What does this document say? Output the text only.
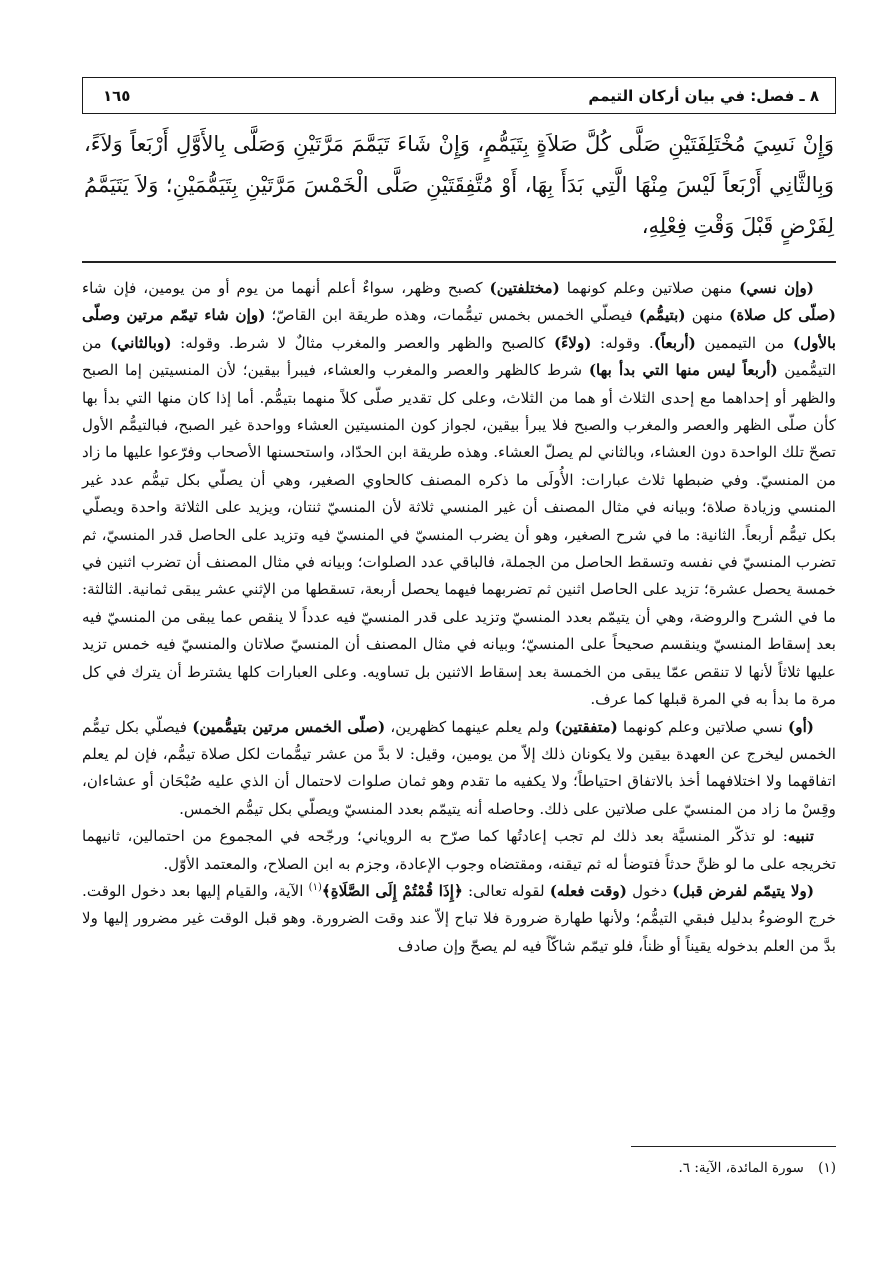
٨ ـ فصل: في بيان أركان التيمم
١٦٥
وَإِنْ نَسِيَ مُخْتَلِفَتَيْنِ صَلَّى كُلَّ صَلاَةٍ بِتَيَمُّمٍ، وَإِنْ شَاءَ تَيَمَّمَ مَرَّتَيْنِ وَصَلَّى بِالأَوَّلِ أَرْبَعاً وَلاَءً، وَبِالثَّانِي أَرْبَعاً لَيْسَ مِنْهَا الَّتِي بَدَأَ بِهَا، أَوْ مُتَّفِقَتَيْنِ صَلَّى الْخَمْسَ مَرَّتَيْنِ بِتَيَمُّمَيْنِ؛ وَلاَ يَتَيَمَّمُ لِفَرْضٍ قَبْلَ وَقْتِ فِعْلِهِ،

(وإن نسي) منهن صلاتين وعلم كونهما (مختلفتين) كصبح وظهر، سواءٌ أعلم أنهما من يوم أو من يومين، فإن شاء (صلّى كل صلاة) منهن (بتيمُّم) فيصلّي الخمس بخمس تيمُّمات، وهذه طريقة ابن القاصّ؛ (وإن شاء تيمّم مرتين وصلّى بالأول) من التيممين (أربعاً). وقوله: (ولاءً) كالصبح والظهر والعصر والمغرب مثالٌ لا شرط. وقوله: (وبالثاني) من التيمُّمين (أربعاً ليس منها التي بدأ بها) شرط كالظهر والعصر والمغرب والعشاء، فيبرأ بيقين؛ لأن المنسيتين إما الصبح والظهر أو إحداهما مع إحدى الثلاث أو هما من الثلاث، وعلى كل تقدير صلّى كلاً منهما بتيمُّم. أما إذا كان منها التي بدأ بها كأن صلّى الظهر والعصر والمغرب والصبح فلا يبرأ بيقين، لجواز كون المنسيتين العشاء وواحدة غير الصبح، فبالتيمُّم الأول تصحّ تلك الواحدة دون العشاء، وبالثاني لم يصلّ العشاء. وهذه طريقة ابن الحدّاد، واستحسنها الأصحاب وفرّعوا عليها ما زاد من المنسيّ. وفي ضبطها ثلاث عبارات: الأُولَى ما ذكره المصنف كالحاوي الصغير، وهي أن يصلّي بكل تيمُّم عدد غير المنسي وزيادة صلاة؛ وبيانه في مثال المصنف أن غير المنسي ثلاثة لأن المنسيّ ثنتان، ويزيد على الثلاثة واحدة ويصلّي بكل تيمُّم أربعاً. الثانية: ما في شرح الصغير، وهو أن يضرب المنسيّ في المنسيّ فيه وتزيد على الحاصل قدر المنسيّ، ثم تضرب المنسيّ في نفسه وتسقط الحاصل من الجملة، فالباقي عدد الصلوات؛ وبيانه في مثال المصنف أن تضرب اثنين في خمسة يحصل عشرة؛ تزيد على الحاصل اثنين ثم تضربهما فيهما يحصل أربعة، تسقطها من الإثني عشر يبقى ثمانية. الثالثة: ما في الشرح والروضة، وهي أن يتيمّم بعدد المنسيّ وتزيد على قدر المنسيّ فيه عدداً لا ينقص عما يبقى من المنسيّ فيه بعد إسقاط المنسيّ وينقسم صحيحاً على المنسيّ؛ وبيانه في مثال المصنف أن المنسيّ صلاتان والمنسيّ فيه خمس تزيد عليها ثلاثاً لأنها لا تنقص عمّا يبقى من الخمسة بعد إسقاط الاثنين بل تساويه. وعلى العبارات كلها يشترط أن يترك في كل مرة ما بدأ به في المرة قبلها كما عرف.

(أو) نسي صلاتين وعلم كونهما (متفقتين) ولم يعلم عينهما كظهرين، (صلّى الخمس مرتين بتيمُّمين) فيصلّي بكل تيمُّم الخمس ليخرج عن العهدة بيقين ولا يكونان ذلك إلاّ من يومين، وقيل: لا بدَّ من عشر تيمُّمات لكل صلاة تيمُّم، فإن لم يعلم اتفاقهما ولا اختلافهما أخذ بالاتفاق احتياطاً؛ ولا يكفيه ما تقدم وهو ثمان صلوات لاحتمال أن الذي عليه صُبْحَان أو عشاءان، وقِسْ ما زاد من المنسيّ على صلاتين على ذلك. وحاصله أنه يتيمّم بعدد المنسيّ ويصلّي بكل تيمُّم الخمس.

تنبيه: لو تذكّر المنسيَّة بعد ذلك لم تجب إعادتُها كما صرّح به الروياني؛ ورجّحه في المجموع من احتمالين، ثانيهما تخريجه على ما لو ظنَّ حدثاً فتوضأ له ثم تيقنه، ومقتضاه وجوب الإعادة، وجزم به ابن الصلاح، والمعتمد الأوّل.

(ولا يتيمّم لفرض قبل) دخول (وقت فعله) لقوله تعالى: ﴿إِذَا قُمْتُمْ إِلَى الصَّلَاةِ﴾$^{(١)}$ الآية، والقيام إليها بعد دخول الوقت. خرج الوضوءُ بدليل فبقي التيمُّم؛ ولأنها طهارة ضرورة فلا تباح إلاّ عند وقت الضرورة. وهو قبل الوقت غير مضرور إليها ولا بدَّ من العلم بدخوله يقيناً أو ظناً، فلو تيمّم شاكّاً فيه لم يصحّ وإن صادف

(١) سورة المائدة، الآية: ٦.
